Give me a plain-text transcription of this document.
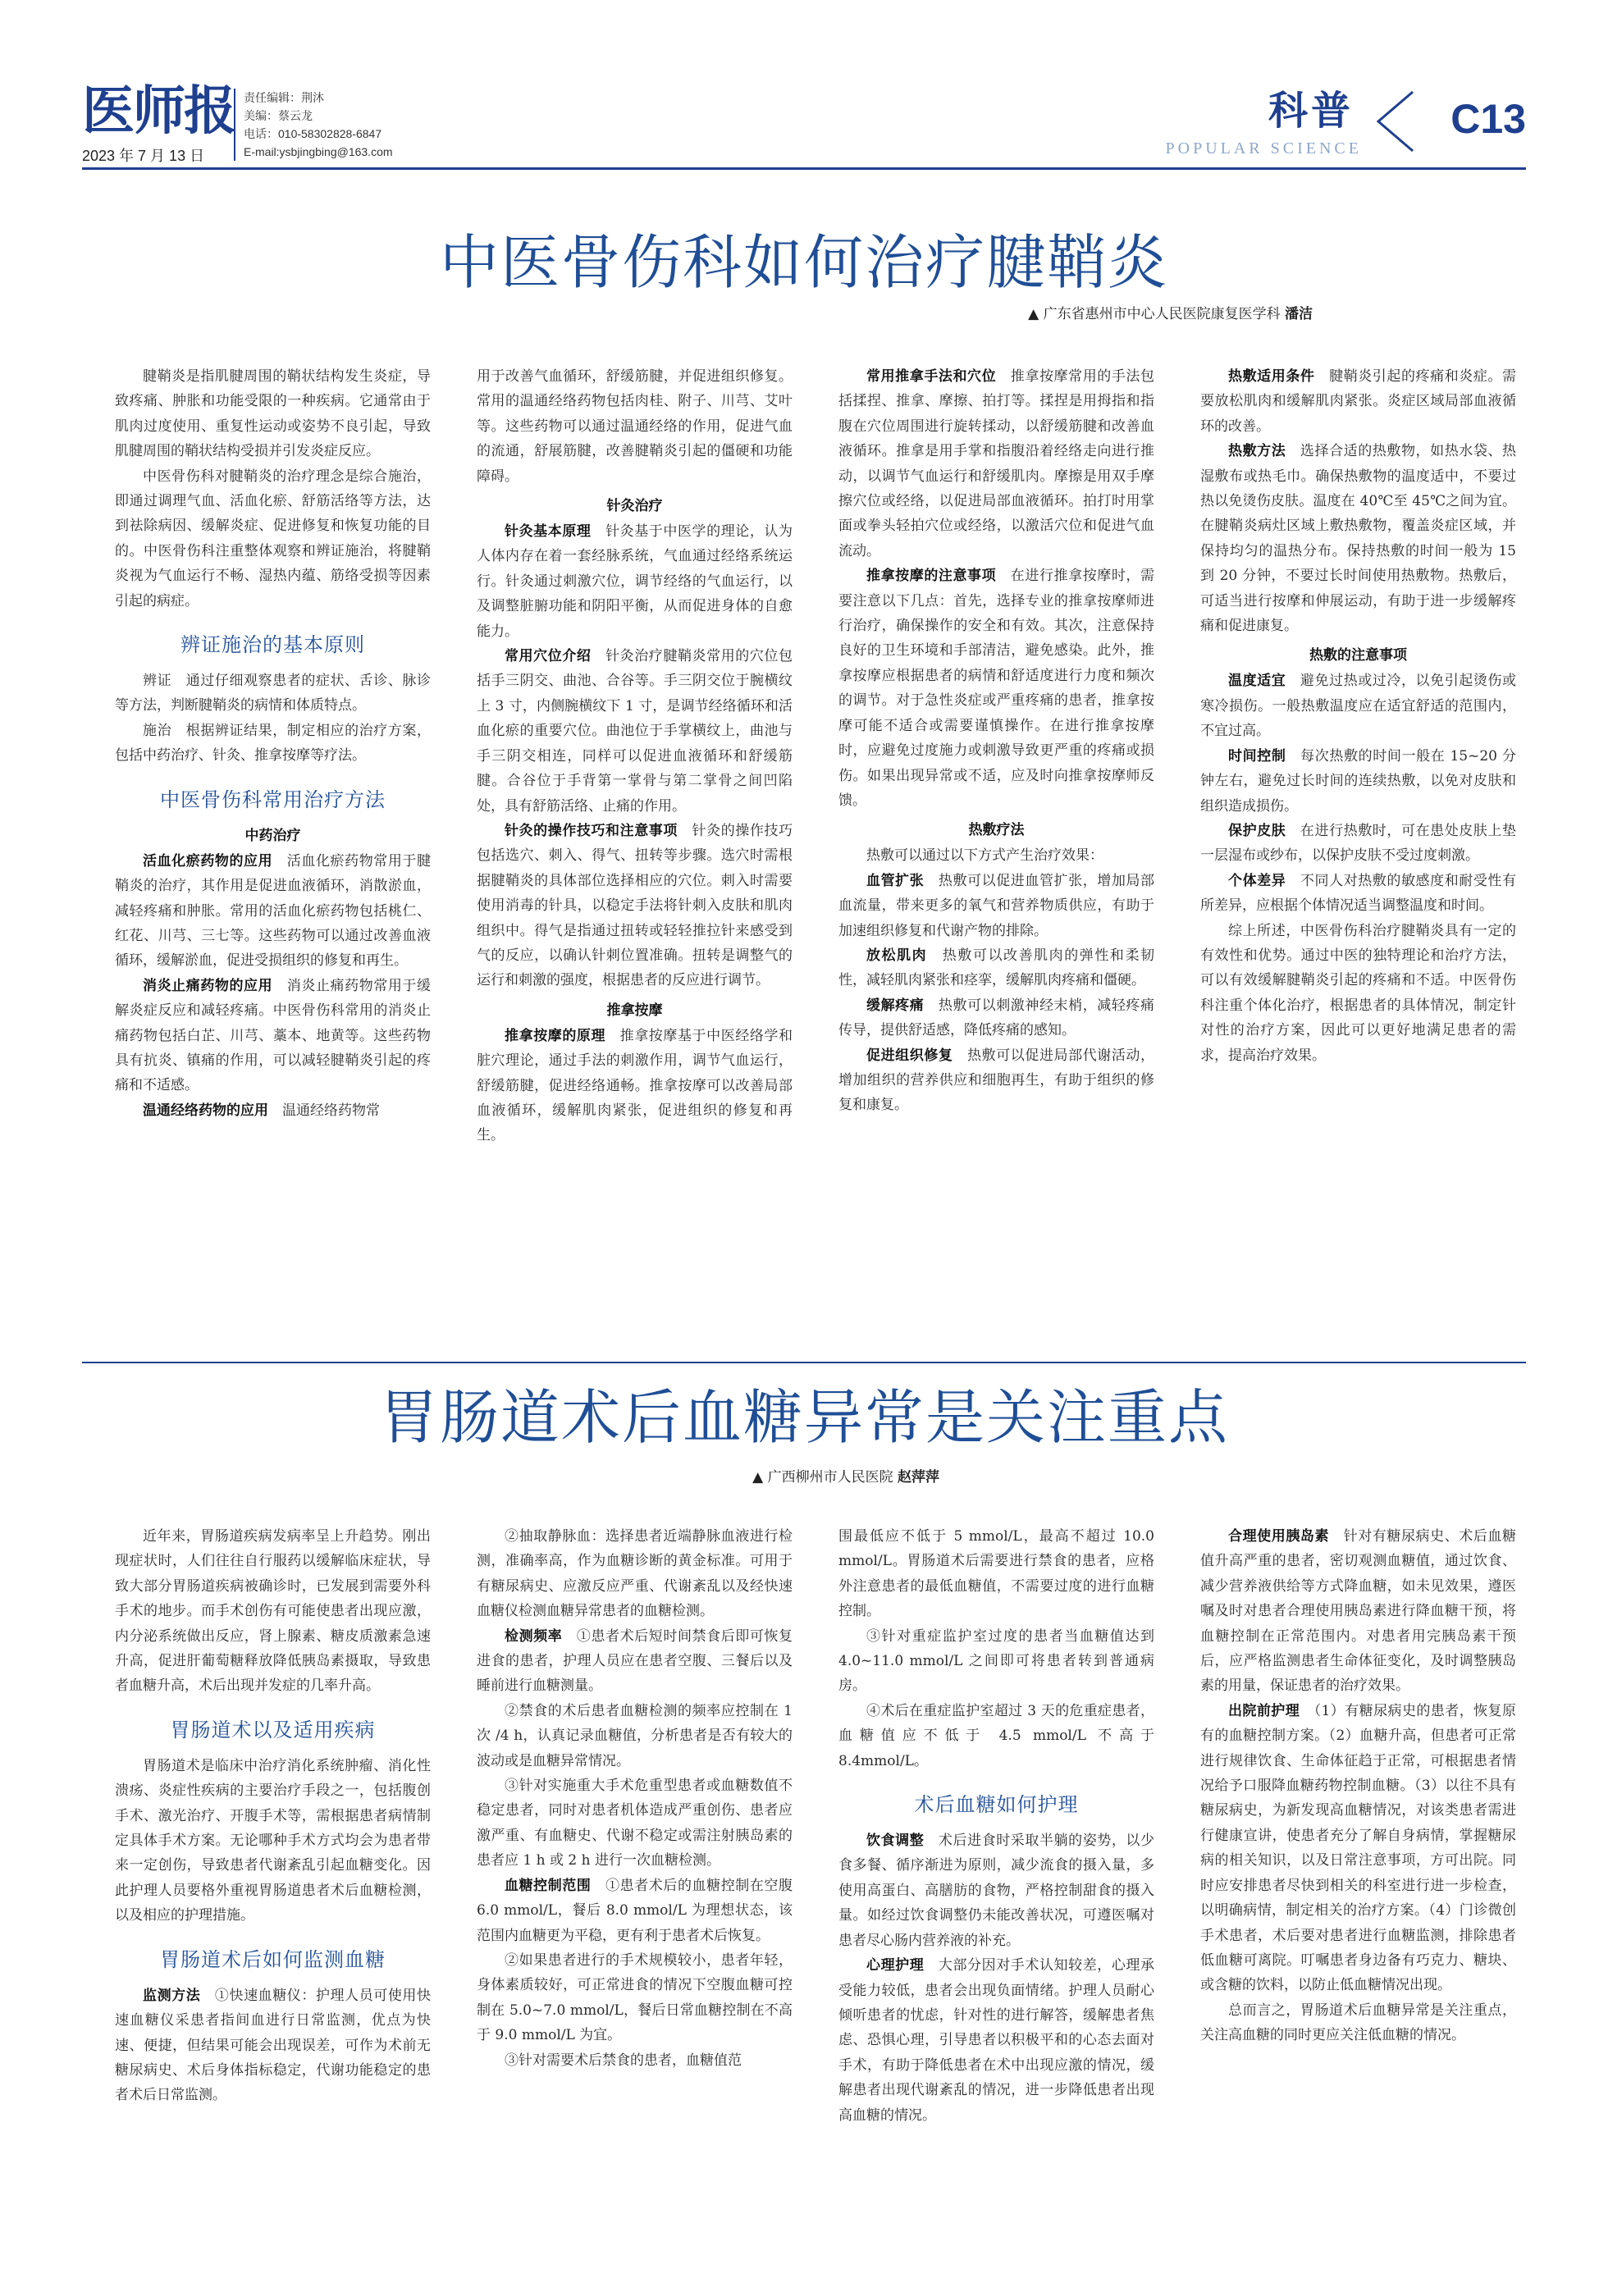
医师报
2023 年 7 月 13 日
责任编辑：荆沐
美编：蔡云龙
电话：010-58302828-6847
E-mail:ysbjingbing@163.com
科普
POPULAR SCIENCE
C13
中医骨伤科如何治疗腱鞘炎
▲ 广东省惠州市中心人民医院康复医学科 潘洁

腱鞘炎是指肌腱周围的鞘状结构发生炎症，导致疼痛、肿胀和功能受限的一种疾病。它通常由于肌肉过度使用、重复性运动或姿势不良引起，导致肌腱周围的鞘状结构受损并引发炎症反应。

中医骨伤科对腱鞘炎的治疗理念是综合施治，即通过调理气血、活血化瘀、舒筋活络等方法，达到祛除病因、缓解炎症、促进修复和恢复功能的目的。中医骨伤科注重整体观察和辨证施治，将腱鞘炎视为气血运行不畅、湿热内蕴、筋络受损等因素引起的病症。

辨证施治的基本原则

辨证　通过仔细观察患者的症状、舌诊、脉诊等方法，判断腱鞘炎的病情和体质特点。

施治　根据辨证结果，制定相应的治疗方案，包括中药治疗、针灸、推拿按摩等疗法。

中医骨伤科常用治疗方法
中药治疗

活血化瘀药物的应用　活血化瘀药物常用于腱鞘炎的治疗，其作用是促进血液循环，消散淤血，减轻疼痛和肿胀。常用的活血化瘀药物包括桃仁、红花、川芎、三七等。这些药物可以通过改善血液循环，缓解淤血，促进受损组织的修复和再生。

消炎止痛药物的应用　消炎止痛药物常用于缓解炎症反应和减轻疼痛。中医骨伤科常用的消炎止痛药物包括白芷、川芎、藁本、地黄等。这些药物具有抗炎、镇痛的作用，可以减轻腱鞘炎引起的疼痛和不适感。

温通经络药物的应用　温通经络药物常

用于改善气血循环，舒缓筋腱，并促进组织修复。常用的温通经络药物包括肉桂、附子、川芎、艾叶等。这些药物可以通过温通经络的作用，促进气血的流通，舒展筋腱，改善腱鞘炎引起的僵硬和功能障碍。

针灸治疗

针灸基本原理　针灸基于中医学的理论，认为人体内存在着一套经脉系统，气血通过经络系统运行。针灸通过刺激穴位，调节经络的气血运行，以及调整脏腑功能和阴阳平衡，从而促进身体的自愈能力。

常用穴位介绍　针灸治疗腱鞘炎常用的穴位包括手三阴交、曲池、合谷等。手三阴交位于腕横纹上 3 寸，内侧腕横纹下 1 寸，是调节经络循环和活血化瘀的重要穴位。曲池位于手掌横纹上，曲池与手三阴交相连，同样可以促进血液循环和舒缓筋腱。合谷位于手背第一掌骨与第二掌骨之间凹陷处，具有舒筋活络、止痛的作用。

针灸的操作技巧和注意事项　针灸的操作技巧包括选穴、刺入、得气、扭转等步骤。选穴时需根据腱鞘炎的具体部位选择相应的穴位。刺入时需要使用消毒的针具，以稳定手法将针刺入皮肤和肌肉组织中。得气是指通过扭转或轻轻推拉针来感受到气的反应，以确认针刺位置准确。扭转是调整气的运行和刺激的强度，根据患者的反应进行调节。

推拿按摩

推拿按摩的原理　推拿按摩基于中医经络学和脏穴理论，通过手法的刺激作用，调节气血运行，舒缓筋腱，促进经络通畅。推拿按摩可以改善局部血液循环，缓解肌肉紧张，促进组织的修复和再生。

常用推拿手法和穴位　推拿按摩常用的手法包括揉捏、推拿、摩擦、拍打等。揉捏是用拇指和指腹在穴位周围进行旋转揉动，以舒缓筋腱和改善血液循环。推拿是用手掌和指腹沿着经络走向进行推动，以调节气血运行和舒缓肌肉。摩擦是用双手摩擦穴位或经络，以促进局部血液循环。拍打时用掌面或拳头轻拍穴位或经络，以激活穴位和促进气血流动。

推拿按摩的注意事项　在进行推拿按摩时，需要注意以下几点：首先，选择专业的推拿按摩师进行治疗，确保操作的安全和有效。其次，注意保持良好的卫生环境和手部清洁，避免感染。此外，推拿按摩应根据患者的病情和舒适度进行力度和频次的调节。对于急性炎症或严重疼痛的患者，推拿按摩可能不适合或需要谨慎操作。在进行推拿按摩时，应避免过度施力或刺激导致更严重的疼痛或损伤。如果出现异常或不适，应及时向推拿按摩师反馈。

热敷疗法

热敷可以通过以下方式产生治疗效果：

血管扩张　热敷可以促进血管扩张，增加局部血流量，带来更多的氧气和营养物质供应，有助于加速组织修复和代谢产物的排除。

放松肌肉　热敷可以改善肌肉的弹性和柔韧性，减轻肌肉紧张和痉挛，缓解肌肉疼痛和僵硬。

缓解疼痛　热敷可以刺激神经末梢，减轻疼痛传导，提供舒适感，降低疼痛的感知。

促进组织修复　热敷可以促进局部代谢活动，增加组织的营养供应和细胞再生，有助于组织的修复和康复。

热敷适用条件　腱鞘炎引起的疼痛和炎症。需要放松肌肉和缓解肌肉紧张。炎症区域局部血液循环的改善。

热敷方法　选择合适的热敷物，如热水袋、热湿敷布或热毛巾。确保热敷物的温度适中，不要过热以免烫伤皮肤。温度在 40℃至 45℃之间为宜。在腱鞘炎病灶区域上敷热敷物，覆盖炎症区域，并保持均匀的温热分布。保持热敷的时间一般为 15 到 20 分钟，不要过长时间使用热敷物。热敷后，可适当进行按摩和伸展运动，有助于进一步缓解疼痛和促进康复。

热敷的注意事项

温度适宜　避免过热或过冷，以免引起烫伤或寒冷损伤。一般热敷温度应在适宜舒适的范围内，不宜过高。

时间控制　每次热敷的时间一般在 15~20 分钟左右，避免过长时间的连续热敷，以免对皮肤和组织造成损伤。

保护皮肤　在进行热敷时，可在患处皮肤上垫一层湿布或纱布，以保护皮肤不受过度刺激。

个体差异　不同人对热敷的敏感度和耐受性有所差异，应根据个体情况适当调整温度和时间。

综上所述，中医骨伤科治疗腱鞘炎具有一定的有效性和优势。通过中医的独特理论和治疗方法，可以有效缓解腱鞘炎引起的疼痛和不适。中医骨伤科注重个体化治疗，根据患者的具体情况，制定针对性的治疗方案，因此可以更好地满足患者的需求，提高治疗效果。

胃肠道术后血糖异常是关注重点
▲ 广西柳州市人民医院 赵萍萍

近年来，胃肠道疾病发病率呈上升趋势。刚出现症状时，人们往往自行服药以缓解临床症状，导致大部分胃肠道疾病被确诊时，已发展到需要外科手术的地步。而手术创伤有可能使患者出现应激，内分泌系统做出反应，肾上腺素、糖皮质激素急速升高，促进肝葡萄糖释放降低胰岛素摄取，导致患者血糖升高，术后出现并发症的几率升高。

胃肠道术以及适用疾病

胃肠道术是临床中治疗消化系统肿瘤、消化性溃疡、炎症性疾病的主要治疗手段之一，包括腹创手术、激光治疗、开腹手术等，需根据患者病情制定具体手术方案。无论哪种手术方式均会为患者带来一定创伤，导致患者代谢紊乱引起血糖变化。因此护理人员要格外重视胃肠道患者术后血糖检测，以及相应的护理措施。

胃肠道术后如何监测血糖

监测方法　①快速血糖仪：护理人员可使用快速血糖仪采患者指间血进行日常监测，优点为快速、便捷，但结果可能会出现误差，可作为术前无糖尿病史、术后身体指标稳定，代谢功能稳定的患者术后日常监测。

②抽取静脉血：选择患者近端静脉血液进行检测，准确率高，作为血糖诊断的黄金标准。可用于有糖尿病史、应激反应严重、代谢紊乱以及经快速血糖仪检测血糖异常患者的血糖检测。

检测频率　①患者术后短时间禁食后即可恢复进食的患者，护理人员应在患者空腹、三餐后以及睡前进行血糖测量。

②禁食的术后患者血糖检测的频率应控制在 1 次 /4 h，认真记录血糖值，分析患者是否有较大的波动或是血糖异常情况。

③针对实施重大手术危重型患者或血糖数值不稳定患者，同时对患者机体造成严重创伤、患者应激严重、有血糖史、代谢不稳定或需注射胰岛素的患者应 1 h 或 2 h 进行一次血糖检测。

血糖控制范围　①患者术后的血糖控制在空腹 6.0 mmol/L，餐后 8.0 mmol/L 为理想状态，该范围内血糖更为平稳，更有利于患者术后恢复。

②如果患者进行的手术规模较小，患者年轻，身体素质较好，可正常进食的情况下空腹血糖可控制在 5.0~7.0 mmol/L，餐后日常血糖控制在不高于 9.0 mmol/L 为宜。

③针对需要术后禁食的患者，血糖值范

围最低应不低于 5 mmol/L，最高不超过 10.0 mmol/L。胃肠道术后需要进行禁食的患者，应格外注意患者的最低血糖值，不需要过度的进行血糖控制。

③针对重症监护室过度的患者当血糖值达到 4.0~11.0 mmol/L 之间即可将患者转到普通病房。

④术后在重症监护室超过 3 天的危重症患者，血糖值应不低于 4.5 mmol/L 不高于 8.4mmol/L。

术后血糖如何护理

饮食调整　术后进食时采取半躺的姿势，以少食多餐、循序渐进为原则，减少流食的摄入量，多使用高蛋白、高膳肪的食物，严格控制甜食的摄入量。如经过饮食调整仍未能改善状况，可遵医嘱对患者尽心肠内营养液的补充。

心理护理　大部分因对手术认知较差，心理承受能力较低，患者会出现负面情绪。护理人员耐心倾听患者的忧虑，针对性的进行解答，缓解患者焦虑、恐惧心理，引导患者以积极平和的心态去面对手术，有助于降低患者在术中出现应激的情况，缓解患者出现代谢紊乱的情况，进一步降低患者出现高血糖的情况。

合理使用胰岛素　针对有糖尿病史、术后血糖值升高严重的患者，密切观测血糖值，通过饮食、减少营养液供给等方式降血糖，如未见效果，遵医嘱及时对患者合理使用胰岛素进行降血糖干预，将血糖控制在正常范围内。对患者用完胰岛素干预后，应严格监测患者生命体征变化，及时调整胰岛素的用量，保证患者的治疗效果。

出院前护理　（1）有糖尿病史的患者，恢复原有的血糖控制方案。（2）血糖升高，但患者可正常进行规律饮食、生命体征趋于正常，可根据患者情况给予口服降血糖药物控制血糖。（3）以往不具有糖尿病史，为新发现高血糖情况，对该类患者需进行健康宣讲，使患者充分了解自身病情，掌握糖尿病的相关知识，以及日常注意事项，方可出院。同时应安排患者尽快到相关的科室进行进一步检查，以明确病情，制定相关的治疗方案。（4）门诊微创手术患者，术后要对患者进行血糖监测，排除患者低血糖可离院。叮嘱患者身边备有巧克力、糖块、或含糖的饮料，以防止低血糖情况出现。

总而言之，胃肠道术后血糖异常是关注重点，关注高血糖的同时更应关注低血糖的情况。
